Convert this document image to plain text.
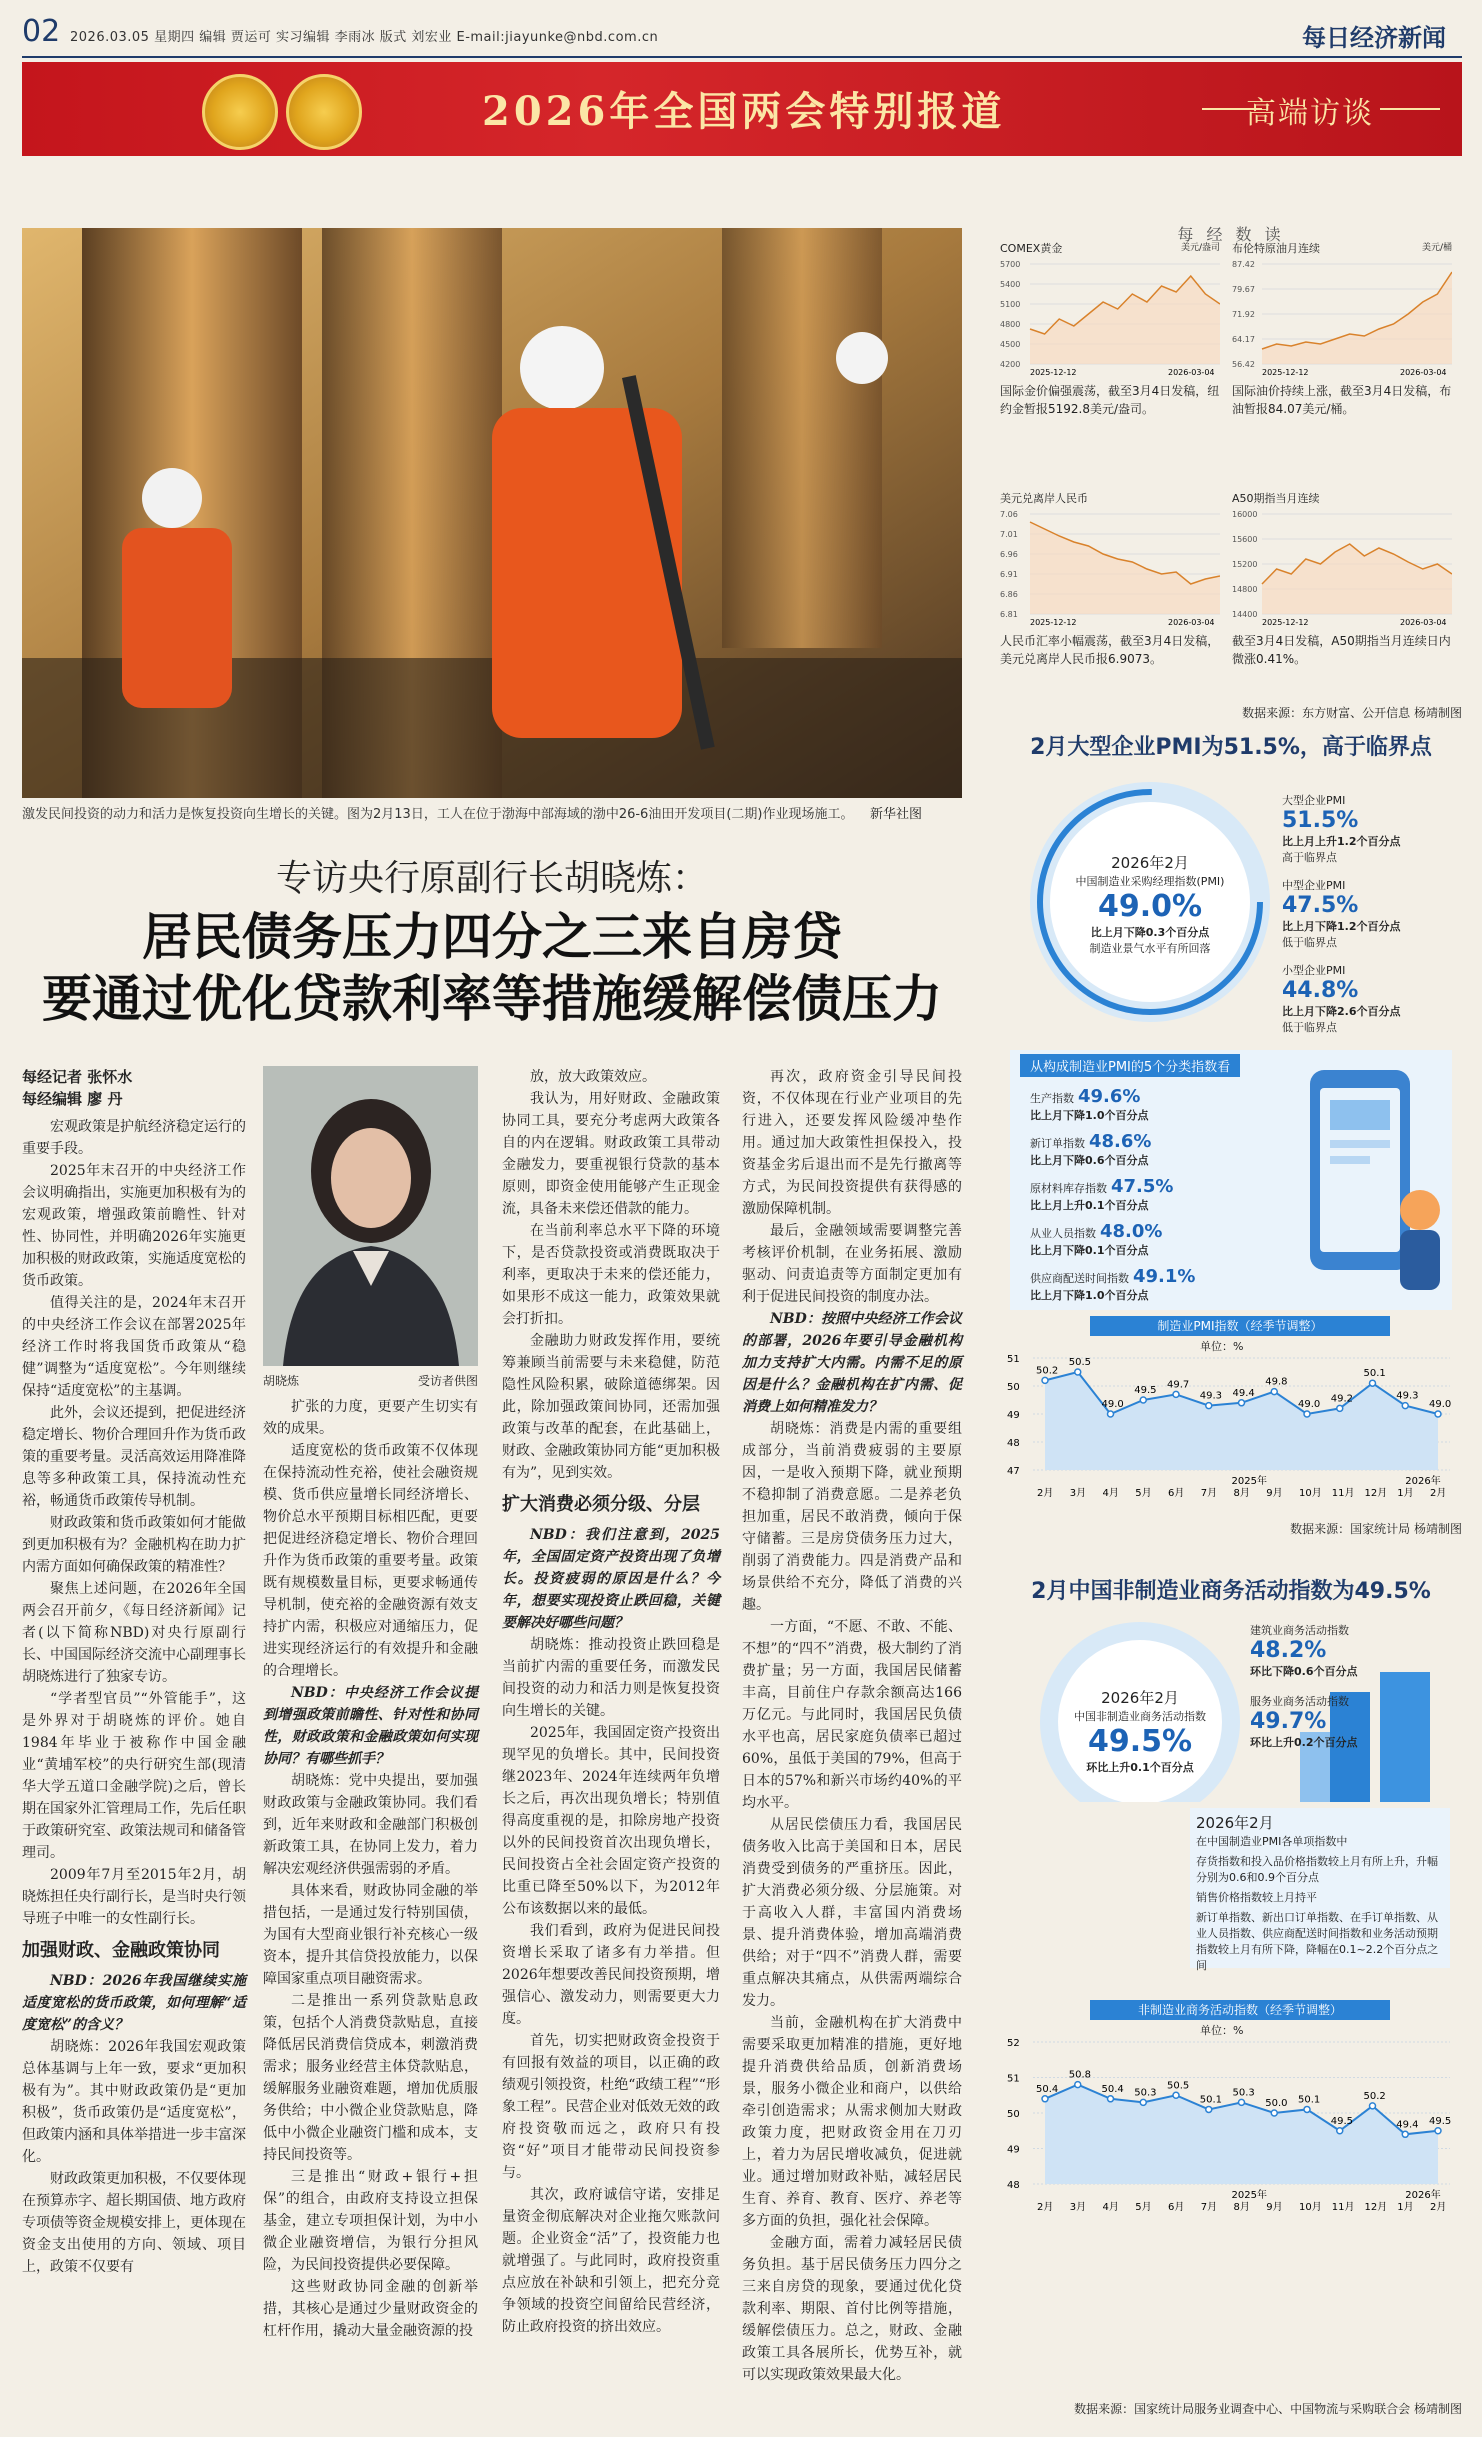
02 2026.03.05 星期四 编辑 贾运可 实习编辑 李雨冰 版式 刘宏业 E-mail:jiayunke@nbd.com.cn	每日经济新闻
2026年全国两会特别报道	高端访谈
激发民间投资的动力和活力是恢复投资向生增长的关键。图为2月13日，工人在位于渤海中部海域的渤中26-6油田开发项目(二期)作业现场施工。	新华社图
专访央行原副行长胡晓炼：
居民债务压力四分之三来自房贷
要通过优化贷款利率等措施缓解偿债压力
每经记者 张怀水
每经编辑 廖 丹

宏观政策是护航经济稳定运行的重要手段。

2025年末召开的中央经济工作会议明确指出，实施更加积极有为的宏观政策，增强政策前瞻性、针对性、协同性，并明确2026年实施更加积极的财政政策，实施适度宽松的货币政策。

值得关注的是，2024年末召开的中央经济工作会议在部署2025年经济工作时将我国货币政策从“稳健”调整为“适度宽松”。今年则继续保持“适度宽松”的主基调。

此外，会议还提到，把促进经济稳定增长、物价合理回升作为货币政策的重要考量。灵活高效运用降准降息等多种政策工具，保持流动性充裕，畅通货币政策传导机制。

财政政策和货币政策如何才能做到更加积极有为？金融机构在助力扩内需方面如何确保政策的精准性？

聚焦上述问题，在2026年全国两会召开前夕，《每日经济新闻》记者(以下简称NBD)对央行原副行长、中国国际经济交流中心副理事长胡晓炼进行了独家专访。

“学者型官员”“外管能手”，这是外界对于胡晓炼的评价。她自1984年毕业于被称作中国金融业“黄埔军校”的央行研究生部(现清华大学五道口金融学院)之后，曾长期在国家外汇管理局工作，先后任职于政策研究室、政策法规司和储备管理司。

2009年7月至2015年2月，胡晓炼担任央行副行长，是当时央行领导班子中唯一的女性副行长。

加强财政、金融政策协同

NBD：2026年我国继续实施适度宽松的货币政策，如何理解“适度宽松”的含义？

胡晓炼：2026年我国宏观政策总体基调与上年一致，要求“更加积极有为”。其中财政政策仍是“更加积极”，货币政策仍是“适度宽松”，但政策内涵和具体举措进一步丰富深化。

财政政策更加积极，不仅要体现在预算赤字、超长期国债、地方政府专项债等资金规模安排上，更体现在资金支出使用的方向、领域、项目上，政策不仅要有

胡晓炼	受访者供图

扩张的力度，更要产生切实有效的成果。

适度宽松的货币政策不仅体现在保持流动性充裕，使社会融资规模、货币供应量增长同经济增长、物价总水平预期目标相匹配，更要把促进经济稳定增长、物价合理回升作为货币政策的重要考量。政策既有规模数量目标，更要求畅通传导机制，使充裕的金融资源有效支持扩内需，积极应对通缩压力，促进实现经济运行的有效提升和金融的合理增长。

NBD：中央经济工作会议提到增强政策前瞻性、针对性和协同性，财政政策和金融政策如何实现协同？有哪些抓手？

胡晓炼：党中央提出，要加强财政政策与金融政策协同。我们看到，近年来财政和金融部门积极创新政策工具，在协同上发力，着力解决宏观经济供强需弱的矛盾。

具体来看，财政协同金融的举措包括，一是通过发行特别国债，为国有大型商业银行补充核心一级资本，提升其信贷投放能力，以保障国家重点项目融资需求。

二是推出一系列贷款贴息政策，包括个人消费贷款贴息，直接降低居民消费信贷成本，刺激消费需求；服务业经营主体贷款贴息，缓解服务业融资难题，增加优质服务供给；中小微企业贷款贴息，降低中小微企业融资门槛和成本，支持民间投资等。

三是推出“财政+银行+担保”的组合，由政府支持设立担保基金，建立专项担保计划，为中小微企业融资增信，为银行分担风险，为民间投资提供必要保障。

这些财政协同金融的创新举措，其核心是通过少量财政资金的杠杆作用，撬动大量金融资源的投

放，放大政策效应。

我认为，用好财政、金融政策协同工具，要充分考虑两大政策各自的内在逻辑。财政政策工具带动金融发力，要重视银行贷款的基本原则，即资金使用能够产生正现金流，具备未来偿还借款的能力。

在当前利率总水平下降的环境下，是否贷款投资或消费既取决于利率，更取决于未来的偿还能力，如果形不成这一能力，政策效果就会打折扣。

金融助力财政发挥作用，要统筹兼顾当前需要与未来稳健，防范隐性风险积累，破除道德绑架。因此，除加强政策间协同，还需加强政策与改革的配套，在此基础上，财政、金融政策协同方能“更加积极有为”，见到实效。

扩大消费必须分级、分层

NBD：我们注意到，2025年，全国固定资产投资出现了负增长。投资疲弱的原因是什么？今年，想要实现投资止跌回稳，关键要解决好哪些问题？

胡晓炼：推动投资止跌回稳是当前扩内需的重要任务，而激发民间投资的动力和活力则是恢复投资向生增长的关键。

2025年，我国固定资产投资出现罕见的负增长。其中，民间投资继2023年、2024年连续两年负增长之后，再次出现负增长；特别值得高度重视的是，扣除房地产投资以外的民间投资首次出现负增长，民间投资占全社会固定资产投资的比重已降至50%以下，为2012年公布该数据以来的最低。

我们看到，政府为促进民间投资增长采取了诸多有力举措。但2026年想要改善民间投资预期，增强信心、激发动力，则需要更大力度。

首先，切实把财政资金投资于有回报有效益的项目，以正确的政绩观引领投资，杜绝“政绩工程”“形象工程”。民营企业对低效无效的政府投资敬而远之，政府只有投资“好”项目才能带动民间投资参与。

其次，政府诚信守诺，安排足量资金彻底解决对企业拖欠账款问题。企业资金“活”了，投资能力也就增强了。与此同时，政府投资重点应放在补缺和引领上，把充分竞争领域的投资空间留给民营经济，防止政府投资的挤出效应。

再次，政府资金引导民间投资，不仅体现在行业产业项目的先行进入，还要发挥风险缓冲垫作用。通过加大政策性担保投入，投资基金劣后退出而不是先行撤离等方式，为民间投资提供有获得感的激励保障机制。

最后，金融领域需要调整完善考核评价机制，在业务拓展、激励驱动、问责追责等方面制定更加有利于促进民间投资的制度办法。

NBD：按照中央经济工作会议的部署，2026年要引导金融机构加力支持扩大内需。内需不足的原因是什么？金融机构在扩内需、促消费上如何精准发力？

胡晓炼：消费是内需的重要组成部分，当前消费疲弱的主要原因，一是收入预期下降，就业预期不稳抑制了消费意愿。二是养老负担加重，居民不敢消费，倾向于保守储蓄。三是房贷债务压力过大，削弱了消费能力。四是消费产品和场景供给不充分，降低了消费的兴趣。

一方面，“不愿、不敢、不能、不想”的“四不”消费，极大制约了消费扩量；另一方面，我国居民储蓄丰高，目前住户存款余额高达166万亿元。与此同时，我国居民负债水平也高，居民家庭负债率已超过60%，虽低于美国的79%，但高于日本的57%和新兴市场约40%的平均水平。

从居民偿债压力看，我国居民债务收入比高于美国和日本，居民消费受到债务的严重挤压。因此，扩大消费必须分级、分层施策。对于高收入人群，丰富国内消费场景、提升消费体验，增加高端消费供给；对于“四不”消费人群，需要重点解决其痛点，从供需两端综合发力。

当前，金融机构在扩大消费中需要采取更加精准的措施，更好地提升消费供给品质，创新消费场景，服务小微企业和商户，以供给牵引创造需求；从需求侧加大财政政策力度，把财政资金用在刀刃上，着力为居民增收减负，促进就业。通过增加财政补贴，减轻居民生育、养育、教育、医疗、养老等多方面的负担，强化社会保障。

金融方面，需着力减轻居民债务负担。基于居民债务压力四分之三来自房贷的现象，要通过优化贷款利率、期限、首付比例等措施，缓解偿债压力。总之，财政、金融政策工具各展所长，优势互补，就可以实现政策效果最大化。

每 经 数 读
COMEX黄金	美元/盎司
5700
5400
5100
4800
4500
4200
2025-12-12	2026-03-04
国际金价偏强震荡，截至3月4日发稿，纽约金暂报5192.8美元/盎司。
布伦特原油月连续	美元/桶
87.42
79.67
71.92
64.17
56.42
2025-12-12	2026-03-04
国际油价持续上涨，截至3月4日发稿，布油暂报84.07美元/桶。
美元兑离岸人民币
7.06
7.01
6.96
6.91
6.86
6.81
2025-12-12	2026-03-04
人民币汇率小幅震荡，截至3月4日发稿，美元兑离岸人民币报6.9073。
A50期指当月连续
16000
15600
15200
14800
14400
2025-12-12	2026-03-04
截至3月4日发稿，A50期指当月连续日内微涨0.41%。
数据来源：东方财富、公开信息 杨靖制图
2月大型企业PMI为51.5%，高于临界点
2026年2月
中国制造业采购经理指数(PMI)
49.0%
比上月下降0.3个百分点
制造业景气水平有所回落
大型企业PMI
51.5%
比上月上升1.2个百分点
高于临界点
中型企业PMI
47.5%
比上月下降1.2个百分点
低于临界点
小型企业PMI
44.8%
比上月下降2.6个百分点
低于临界点
从构成制造业PMI的5个分类指数看
生产指数 49.6%
比上月下降1.0个百分点
新订单指数 48.6%
比上月下降0.6个百分点
原材料库存指数 47.5%
比上月上升0.1个百分点
从业人员指数 48.0%
比上月下降0.1个百分点
供应商配送时间指数 49.1%
比上月下降1.0个百分点
制造业PMI指数（经季节调整）
单位：%
47
48
49
50
51
50.2
2月
50.5
3月
49.0
4月
49.5
5月
49.7
6月
49.3
7月
49.4
8月
49.8
9月
49.0
10月
49.2
11月
50.1
12月
49.3
1月
49.0
2月
2025年	2026年
数据来源：国家统计局 杨靖制图
2月中国非制造业商务活动指数为49.5%
2026年2月
中国非制造业商务活动指数
49.5%
环比上升0.1个百分点
建筑业商务活动指数
48.2%
环比下降0.6个百分点
服务业商务活动指数
49.7%
环比上升0.2个百分点
2026年2月
在中国制造业PMI各单项指数中
存货指数和投入品价格指数较上月有所上升，升幅分别为0.6和0.9个百分点
销售价格指数较上月持平
新订单指数、新出口订单指数、在手订单指数、从业人员指数、供应商配送时间指数和业务活动预期指数较上月有所下降，降幅在0.1~2.2个百分点之间
非制造业商务活动指数（经季节调整）
单位：%
48
49
50
51
52
50.4
2月
50.8
3月
50.4
4月
50.3
5月
50.5
6月
50.1
7月
50.3
8月
50.0
9月
50.1
10月
49.5
11月
50.2
12月
49.4
1月
49.5
2月
2025年	2026年
数据来源：国家统计局服务业调查中心、中国物流与采购联合会 杨靖制图
